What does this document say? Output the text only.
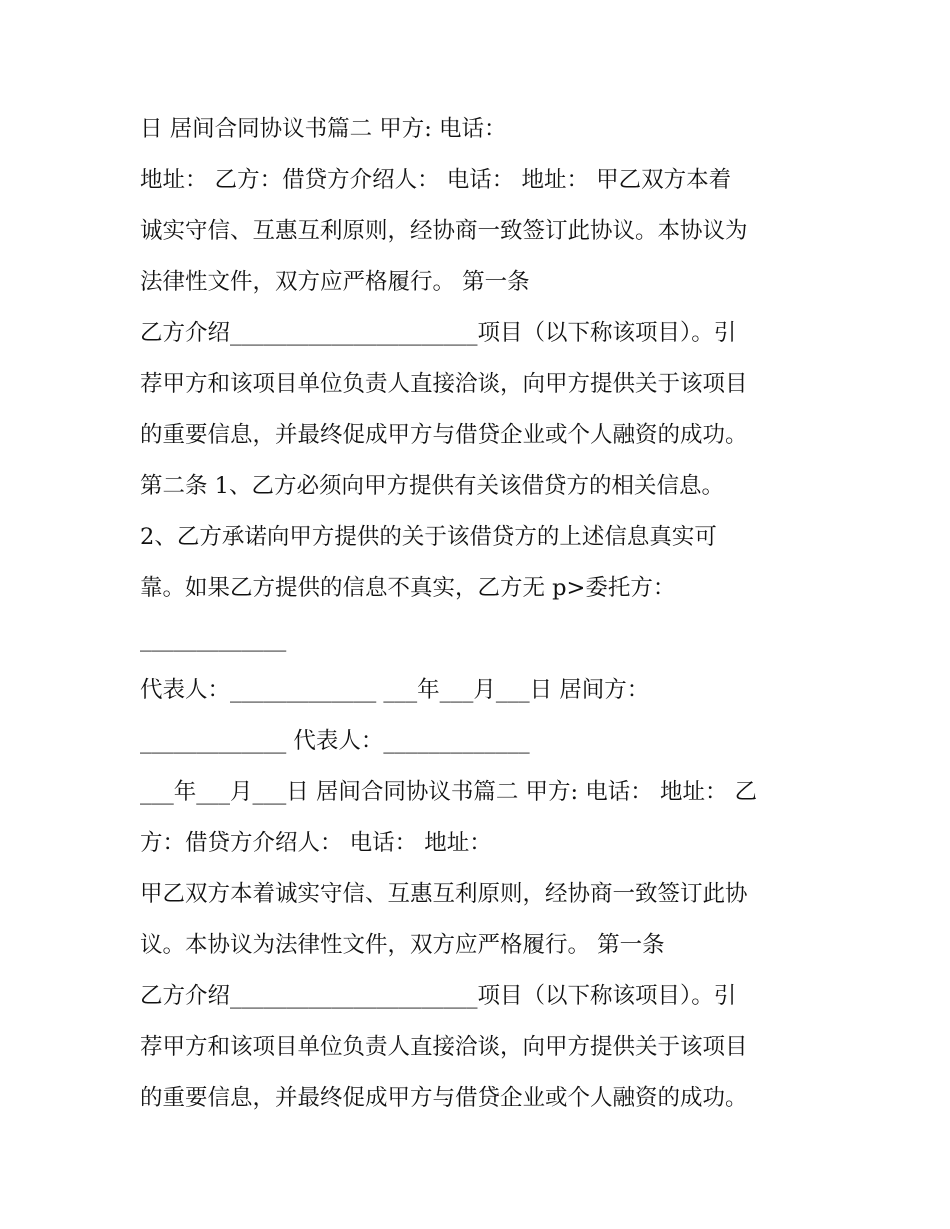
日 居间合同协议书篇二 甲方: 电话：

地址： 乙方：借贷方介绍人： 电话： 地址： 甲乙双方本着

诚实守信、互惠互利原则，经协商一致签订此协议。本协议为

法律性文件，双方应严格履行。 第一条

乙方介绍______________________项目（以下称该项目）。引

荐甲方和该项目单位负责人直接洽谈，向甲方提供关于该项目

的重要信息，并最终促成甲方与借贷企业或个人融资的成功。

第二条 1、乙方必须向甲方提供有关该借贷方的相关信息。

2、乙方承诺向甲方提供的关于该借贷方的上述信息真实可

靠。如果乙方提供的信息不真实，乙方无 p>委托方：

_____________

代表人：_____________ ___年___月___日 居间方：

_____________ 代表人：_____________

___年___月___日 居间合同协议书篇二 甲方: 电话： 地址： 乙

方：借贷方介绍人： 电话： 地址：

甲乙双方本着诚实守信、互惠互利原则，经协商一致签订此协

议。本协议为法律性文件，双方应严格履行。 第一条

乙方介绍______________________项目（以下称该项目）。引

荐甲方和该项目单位负责人直接洽谈，向甲方提供关于该项目

的重要信息，并最终促成甲方与借贷企业或个人融资的成功。
